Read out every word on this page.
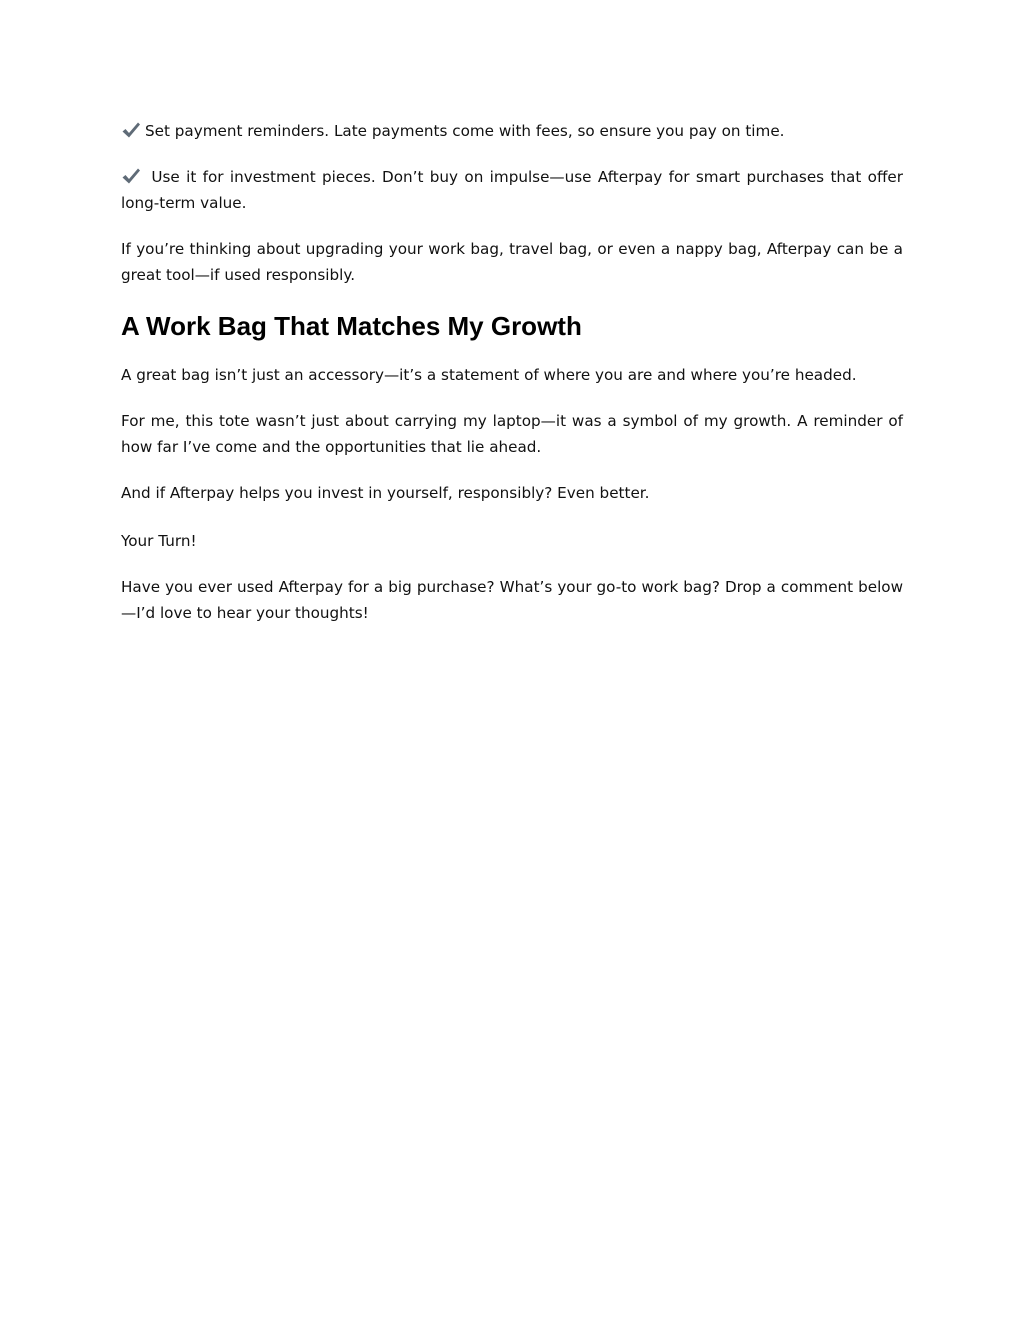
Set payment reminders. Late payments come with fees, so ensure you pay on time.

Use it for investment pieces. Don’t buy on impulse—use Afterpay for smart purchases that offer long-term value.

If you’re thinking about upgrading your work bag, travel bag, or even a nappy bag, Afterpay can be a great tool—if used responsibly.

A Work Bag That Matches My Growth

A great bag isn’t just an accessory—it’s a statement of where you are and where you’re headed.

For me, this tote wasn’t just about carrying my laptop—it was a symbol of my growth. A reminder of how far I’ve come and the opportunities that lie ahead.

And if Afterpay helps you invest in yourself, responsibly? Even better.

Your Turn!

Have you ever used Afterpay for a big purchase? What’s your go-to work bag? Drop a comment below—I’d love to hear your thoughts!
